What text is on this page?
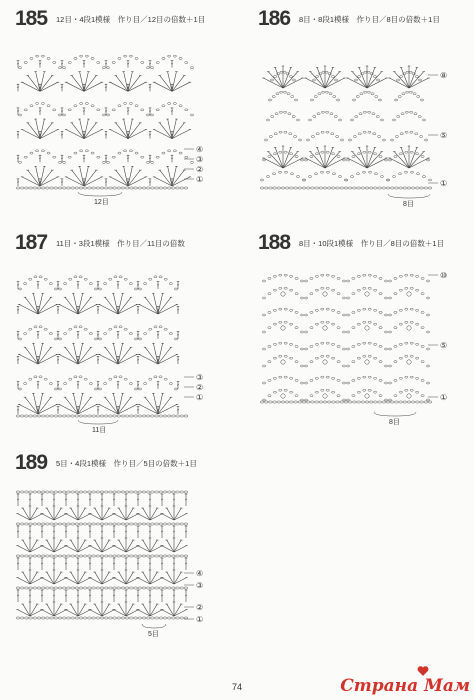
185 12目・4段1模様　作り目／12目の倍数＋1目
④
③
②
①
12目
186 8目・8段1模様　作り目／8目の倍数＋1目
⑧
⑤
①
8目
187 11目・3段1模様　作り目／11目の倍数
③
②
①
11目
188 8目・10段1模様　作り目／8目の倍数＋1目
⑩
⑤
①
8目
189 5目・4段1模様　作り目／5目の倍数＋1目
④
③
②
①
5目
74	Страна Мам
